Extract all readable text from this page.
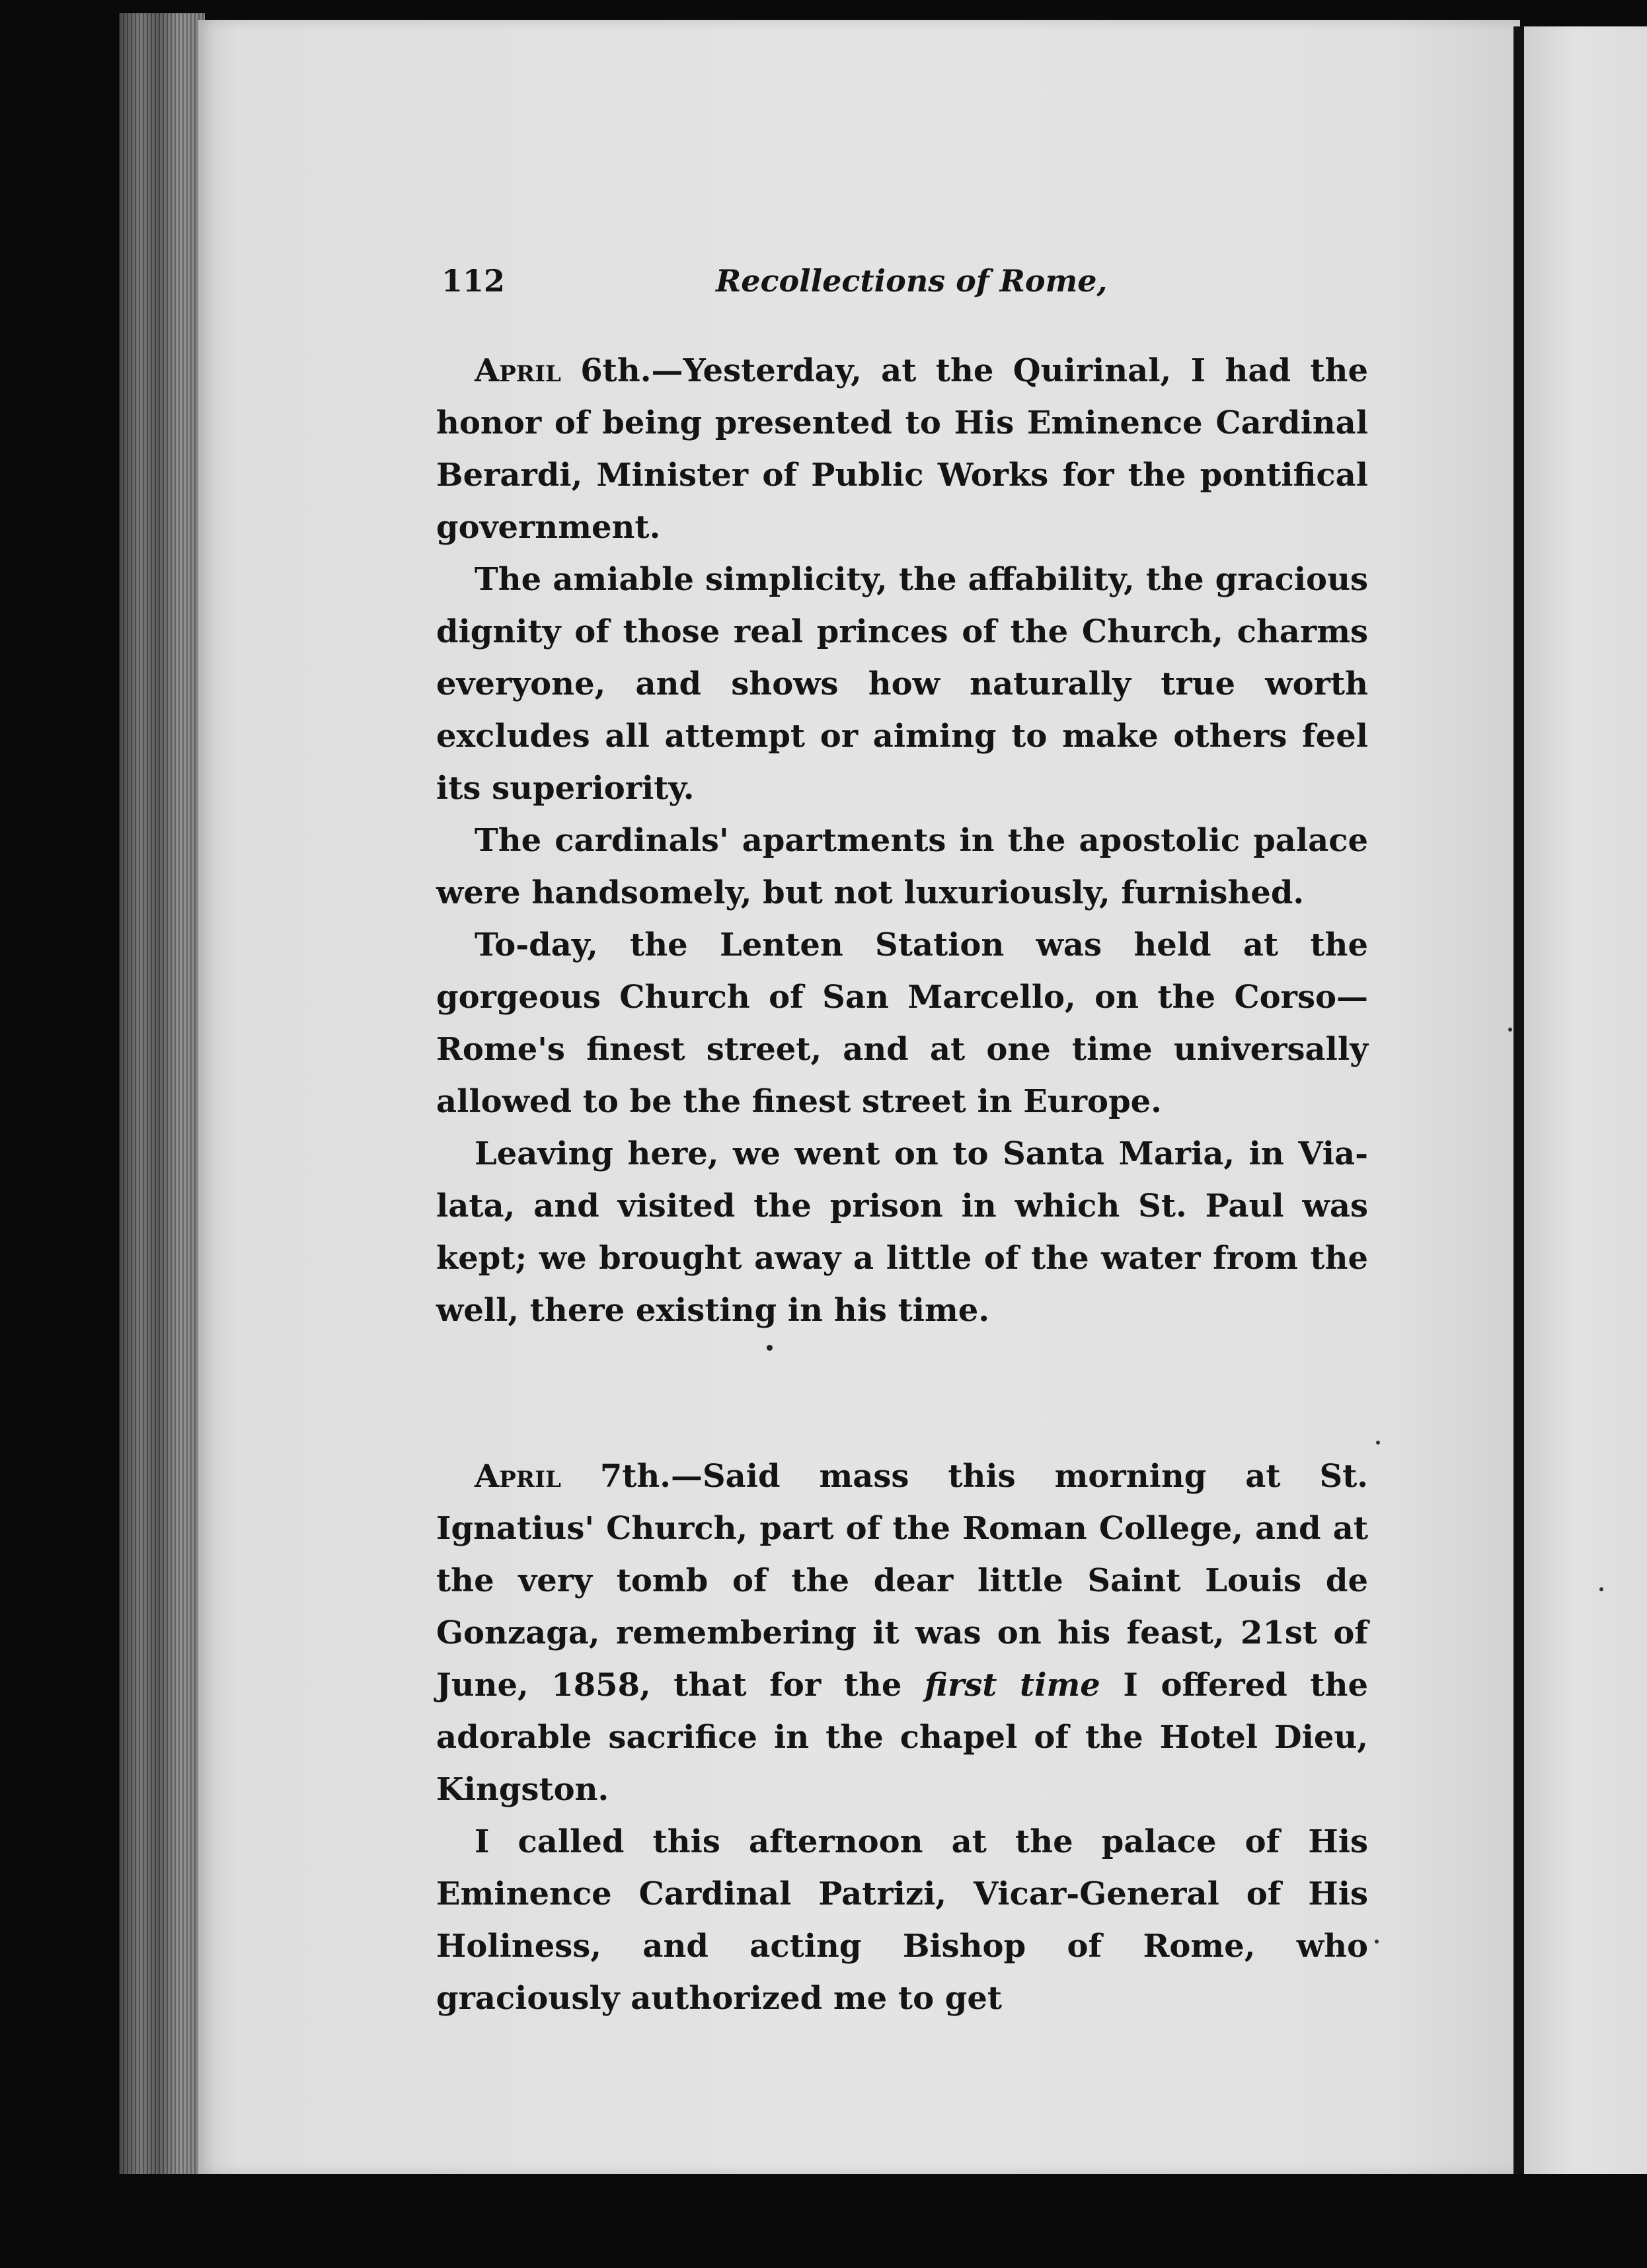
112	Recollections of Rome,

April 6th.—Yesterday, at the Quirinal, I had the honor of being presented to His Eminence Cardinal Berardi, Minister of Public Works for the pontifical government.

The amiable simplicity, the affability, the gracious dignity of those real princes of the Church, charms everyone, and shows how naturally true worth excludes all attempt or aiming to make others feel its superiority.

The cardinals' apartments in the apostolic palace were handsomely, but not luxuriously, furnished.

To-day, the Lenten Station was held at the gorgeous Church of San Marcello, on the Corso—Rome's finest street, and at one time universally allowed to be the finest street in Europe.

Leaving here, we went on to Santa Maria, in Via-lata, and visited the prison in which St. Paul was kept; we brought away a little of the water from the well, there existing in his time.

April 7th.—Said mass this morning at St. Ignatius' Church, part of the Roman College, and at the very tomb of the dear little Saint Louis de Gonzaga, remembering it was on his feast, 21st of June, 1858, that for the first time I offered the adorable sacrifice in the chapel of the Hotel Dieu, Kingston.

I called this afternoon at the palace of His Eminence Cardinal Patrizi, Vicar-General of His Holiness, and acting Bishop of Rome, who graciously authorized me to get
